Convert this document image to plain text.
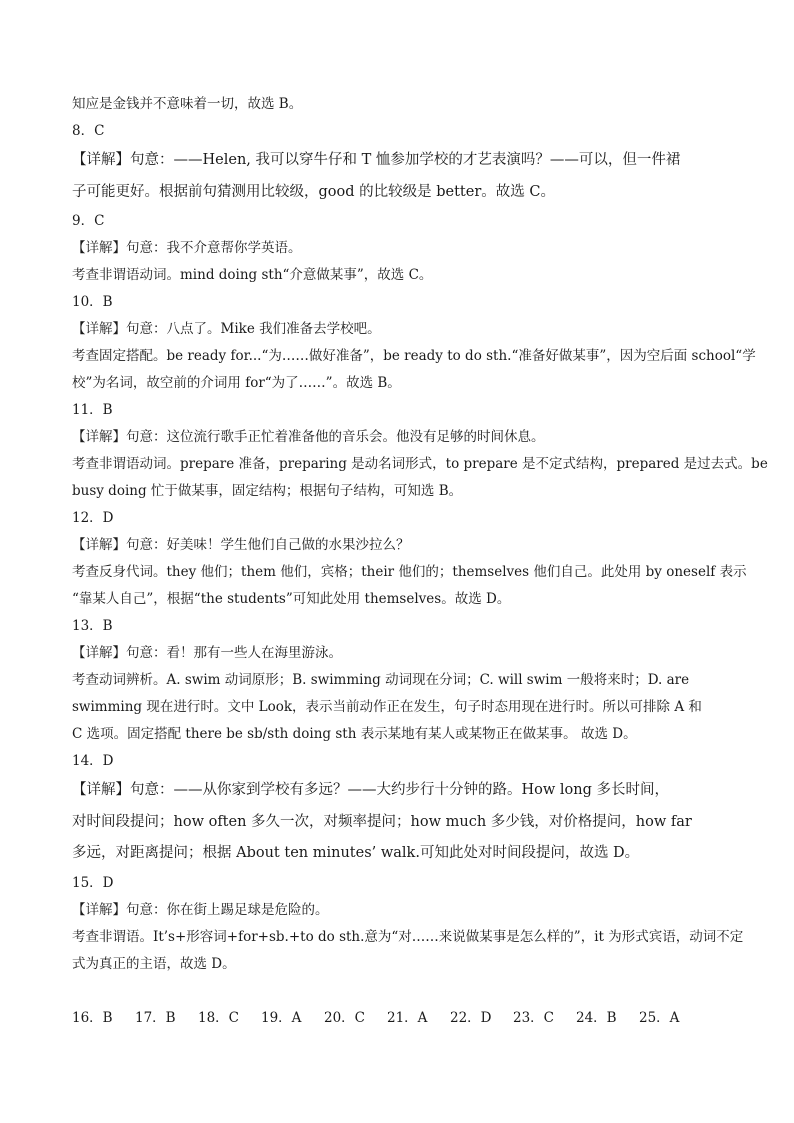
知应是金钱并不意味着一切，故选 B。
8．C
【详解】句意：——Helen, 我可以穿牛仔和 T 恤参加学校的才艺表演吗？——可以，但一件裙
子可能更好。根据前句猜测用比较级，good 的比较级是 better。故选 C。
9．C
【详解】句意：我不介意帮你学英语。
考查非谓语动词。mind doing sth“介意做某事”，故选 C。
10．B
【详解】句意：八点了。Mike 我们准备去学校吧。
考查固定搭配。be ready for...“为……做好准备”，be ready to do sth.“准备好做某事”，因为空后面 school“学
校”为名词，故空前的介词用 for“为了……”。故选 B。
11．B
【详解】句意：这位流行歌手正忙着准备他的音乐会。他没有足够的时间休息。
考查非谓语动词。prepare 准备，preparing 是动名词形式，to prepare 是不定式结构，prepared 是过去式。be
busy doing 忙于做某事，固定结构；根据句子结构，可知选 B。
12．D
【详解】句意：好美味！学生他们自己做的水果沙拉么？
考查反身代词。they 他们；them 他们，宾格；their 他们的；themselves 他们自己。此处用 by oneself 表示
“靠某人自己”，根据“the students”可知此处用 themselves。故选 D。
13．B
【详解】句意：看！那有一些人在海里游泳。
考查动词辨析。A. swim 动词原形；B. swimming 动词现在分词；C. will swim 一般将来时；D. are
swimming 现在进行时。文中 Look，表示当前动作正在发生，句子时态用现在进行时。所以可排除 A 和
C 选项。固定搭配 there be sb/sth doing sth 表示某地有某人或某物正在做某事。 故选 D。
14．D
【详解】句意：——从你家到学校有多远？——大约步行十分钟的路。How long 多长时间，
对时间段提问；how often 多久一次，对频率提问；how much 多少钱，对价格提问，how far
多远，对距离提问；根据 About ten minutes’ walk.可知此处对时间段提问，故选 D。
15．D
【详解】句意：你在街上踢足球是危险的。
考查非谓语。It’s+形容词+for+sb.+to do sth.意为“对……来说做某事是怎么样的”，it 为形式宾语，动词不定
式为真正的主语，故选 D。
16．B	17．B	18．C	19．A	20．C	21．A	22．D	23．C	24．B	25．A
